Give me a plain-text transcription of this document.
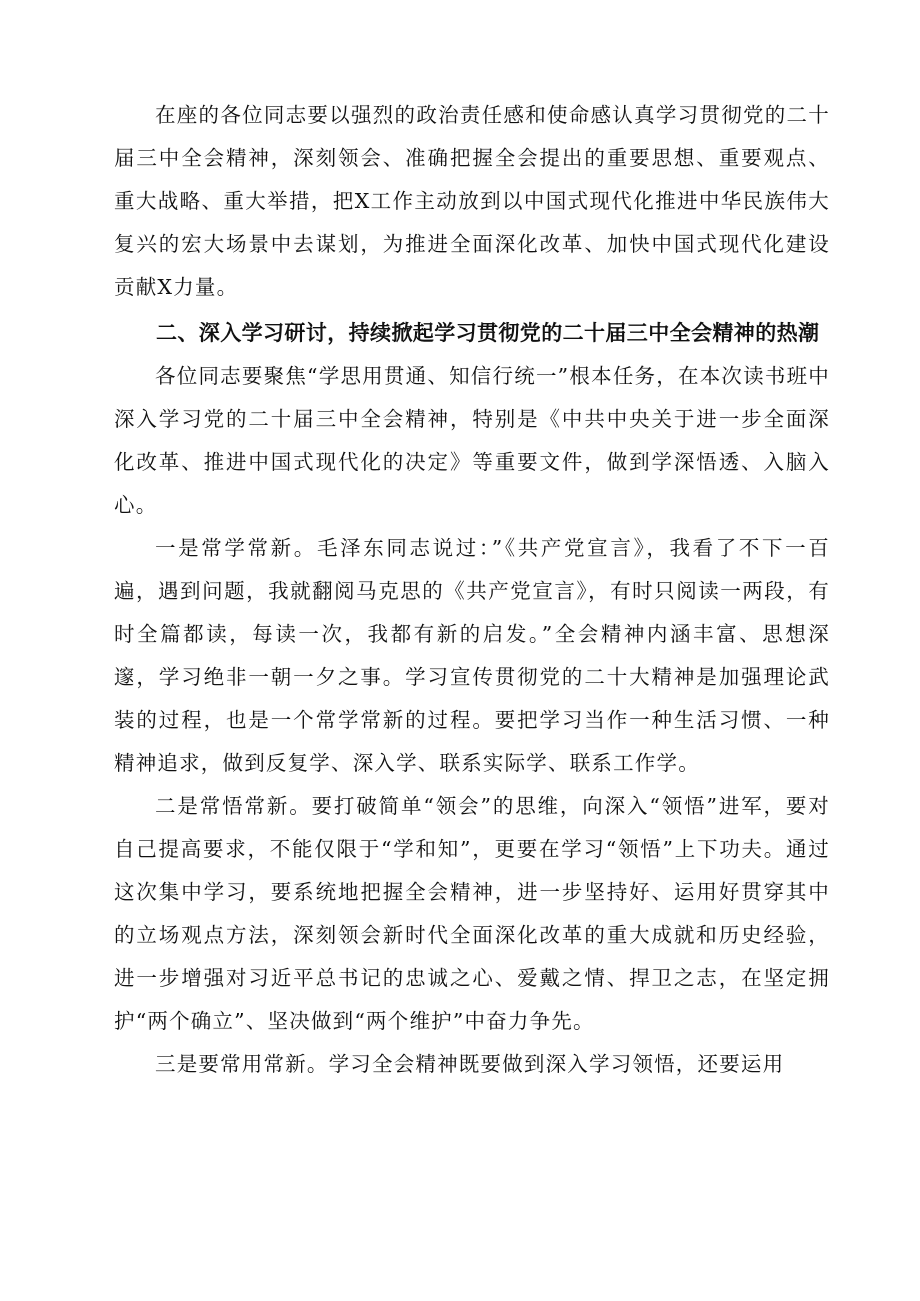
在座的各位同志要以强烈的政治责任感和使命感认真学习贯彻党的二十届三中全会精神，深刻领会、准确把握全会提出的重要思想、重要观点、重大战略、重大举措，把X工作主动放到以中国式现代化推进中华民族伟大复兴的宏大场景中去谋划，为推进全面深化改革、加快中国式现代化建设贡献X力量。

二、深入学习研讨，持续掀起学习贯彻党的二十届三中全会精神的热潮

各位同志要聚焦“学思用贯通、知信行统一”根本任务，在本次读书班中深入学习党的二十届三中全会精神，特别是《中共中央关于进一步全面深化改革、推进中国式现代化的决定》等重要文件，做到学深悟透、入脑入心。

一是常学常新。毛泽东同志说过：”《共产党宣言》，我看了不下一百遍，遇到问题，我就翻阅马克思的《共产党宣言》，有时只阅读一两段，有时全篇都读，每读一次，我都有新的启发。”全会精神内涵丰富、思想深邃，学习绝非一朝一夕之事。学习宣传贯彻党的二十大精神是加强理论武装的过程，也是一个常学常新的过程。要把学习当作一种生活习惯、一种精神追求，做到反复学、深入学、联系实际学、联系工作学。

二是常悟常新。要打破简单“领会”的思维，向深入“领悟”进军，要对自己提高要求，不能仅限于“学和知”，更要在学习“领悟”上下功夫。通过这次集中学习，要系统地把握全会精神，进一步坚持好、运用好贯穿其中的立场观点方法，深刻领会新时代全面深化改革的重大成就和历史经验，进一步增强对习近平总书记的忠诚之心、爱戴之情、捍卫之志，在坚定拥护“两个确立”、坚决做到“两个维护”中奋力争先。

三是要常用常新。学习全会精神既要做到深入学习领悟，还要运用
